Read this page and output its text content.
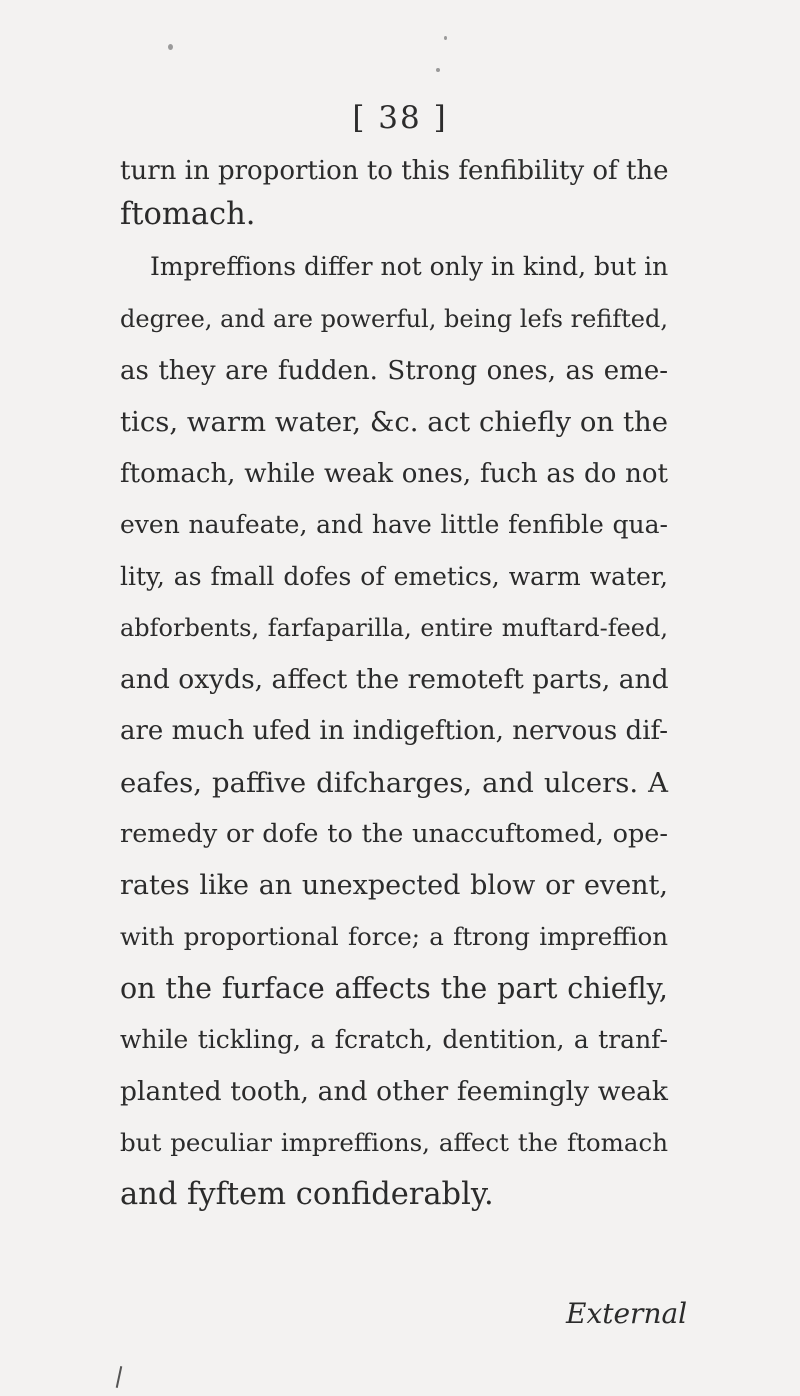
[ 38 ]
turn in proportion to this fenfibility of the
ftomach.
Impreffions differ not only in kind, but in
degree, and are powerful, being lefs refifted,
as they are fudden. Strong ones, as eme-
tics, warm water, &c. act chiefly on the
ftomach, while weak ones, fuch as do not
even naufeate, and have little fenfible qua-
lity, as fmall dofes of emetics, warm water,
abforbents, farfaparilla, entire muftard-feed,
and oxyds, affect the remoteft parts, and
are much ufed in indigeftion, nervous dif-
eafes, paffive difcharges, and ulcers. A
remedy or dofe to the unaccuftomed, ope-
rates like an unexpected blow or event,
with proportional force; a ftrong impreffion
on the furface affects the part chiefly,
while tickling, a fcratch, dentition, a tranf-
planted tooth, and other feemingly weak
but peculiar impreffions, affect the ftomach
and fyftem confiderably.
External
